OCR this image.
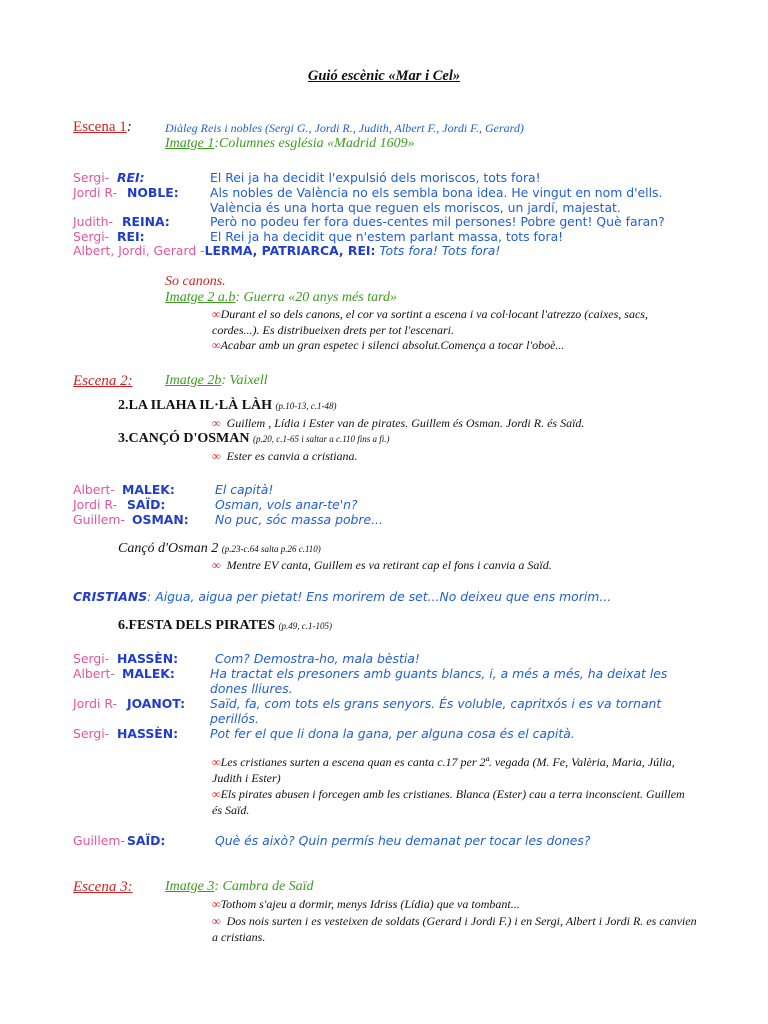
Guió escènic «Mar i Cel»
Escena 1:	Diàleg Reis i nobles (Sergi G., Jordi R., Judith, Albert F., Jordi F., Gerard)
Imatge 1:Columnes església «Madrid 1609»
Sergi- REI:	El Rei ja ha decidit l'expulsió dels moriscos, tots fora!
Jordi R- NOBLE:	Als nobles de València no els sembla bona idea. He vingut en nom d'ells.
València és una horta que reguen els moriscos, un jardí, majestat.
Judith- REINA:	Però no podeu fer fora dues-centes mil persones! Pobre gent! Què faran?
Sergi- REI:	El Rei ja ha decidit que n'estem parlant massa, tots fora!
Albert, Jordi, Gerard -LERMA, PATRIARCA, REI: Tots fora! Tots fora!
So canons.
Imatge 2 a.b: Guerra «20 anys més tard»
∞Durant el so dels canons, el cor va sortint a escena i va col·locant l'atrezzo (caixes, sacs, cordes...). Es distribueixen drets per tot l'escenari.
∞Acabar amb un gran espetec i silenci absolut.Comença a tocar l'oboè...
Escena 2: Imatge 2b: Vaixell
2.LA ILAHA IL·LÀ LÀH (p.10-13, c.1-48)
∞ Guillem , Lídia i Ester van de pirates. Guillem és Osman. Jordi R. és Saïd.
3.CANÇÓ D'OSMAN (p.20, c.1-65 i saltar a c.110 fins a fi.)
∞ Ester es canvia a cristiana.
Albert- MALEK:	El capità!
Jordi R- SAÏD:	Osman, vols anar-te'n?
Guillem- OSMAN: No puc, sóc massa pobre...
Cançó d'Osman 2 (p.23-c.64 salta p.26 c.110)
∞ Mentre EV canta, Guillem es va retirant cap el fons i canvia a Saïd.
CRISTIANS: Aigua, aigua per pietat! Ens morirem de set...No deixeu que ens morim...
6.FESTA DELS PIRATES (p.49, c.1-105)
Sergi- HASSÈN:	Com? Demostra-ho, mala bèstia!
Albert- MALEK:	Ha tractat els presoners amb guants blancs, i, a més a més, ha deixat les
dones lliures.
Jordi R- JOANOT: Saïd, fa, com tots els grans senyors. És voluble, capritxós i es va tornant
perillós.
Sergi- HASSÈN:	Pot fer el que li dona la gana, per alguna cosa és el capità.
∞Les cristianes surten a escena quan es canta c.17 per 2ª. vegada (M. Fe, Valèria, Maria, Júlia, Judith i Ester)
∞Els pirates abusen i forcegen amb les cristianes. Blanca (Ester) cau a terra inconscient. Guillem és Saïd.
Guillem- SAÏD:	Què és això? Quin permís heu demanat per tocar les dones?
Escena 3: Imatge 3: Cambra de Saïd
∞Tothom s'ajeu a dormir, menys Idriss (Lídia) que va tombant...
∞ Dos nois surten i es vesteixen de soldats (Gerard i Jordi F.) i en Sergi, Albert i Jordi R. es canvien a cristians.
